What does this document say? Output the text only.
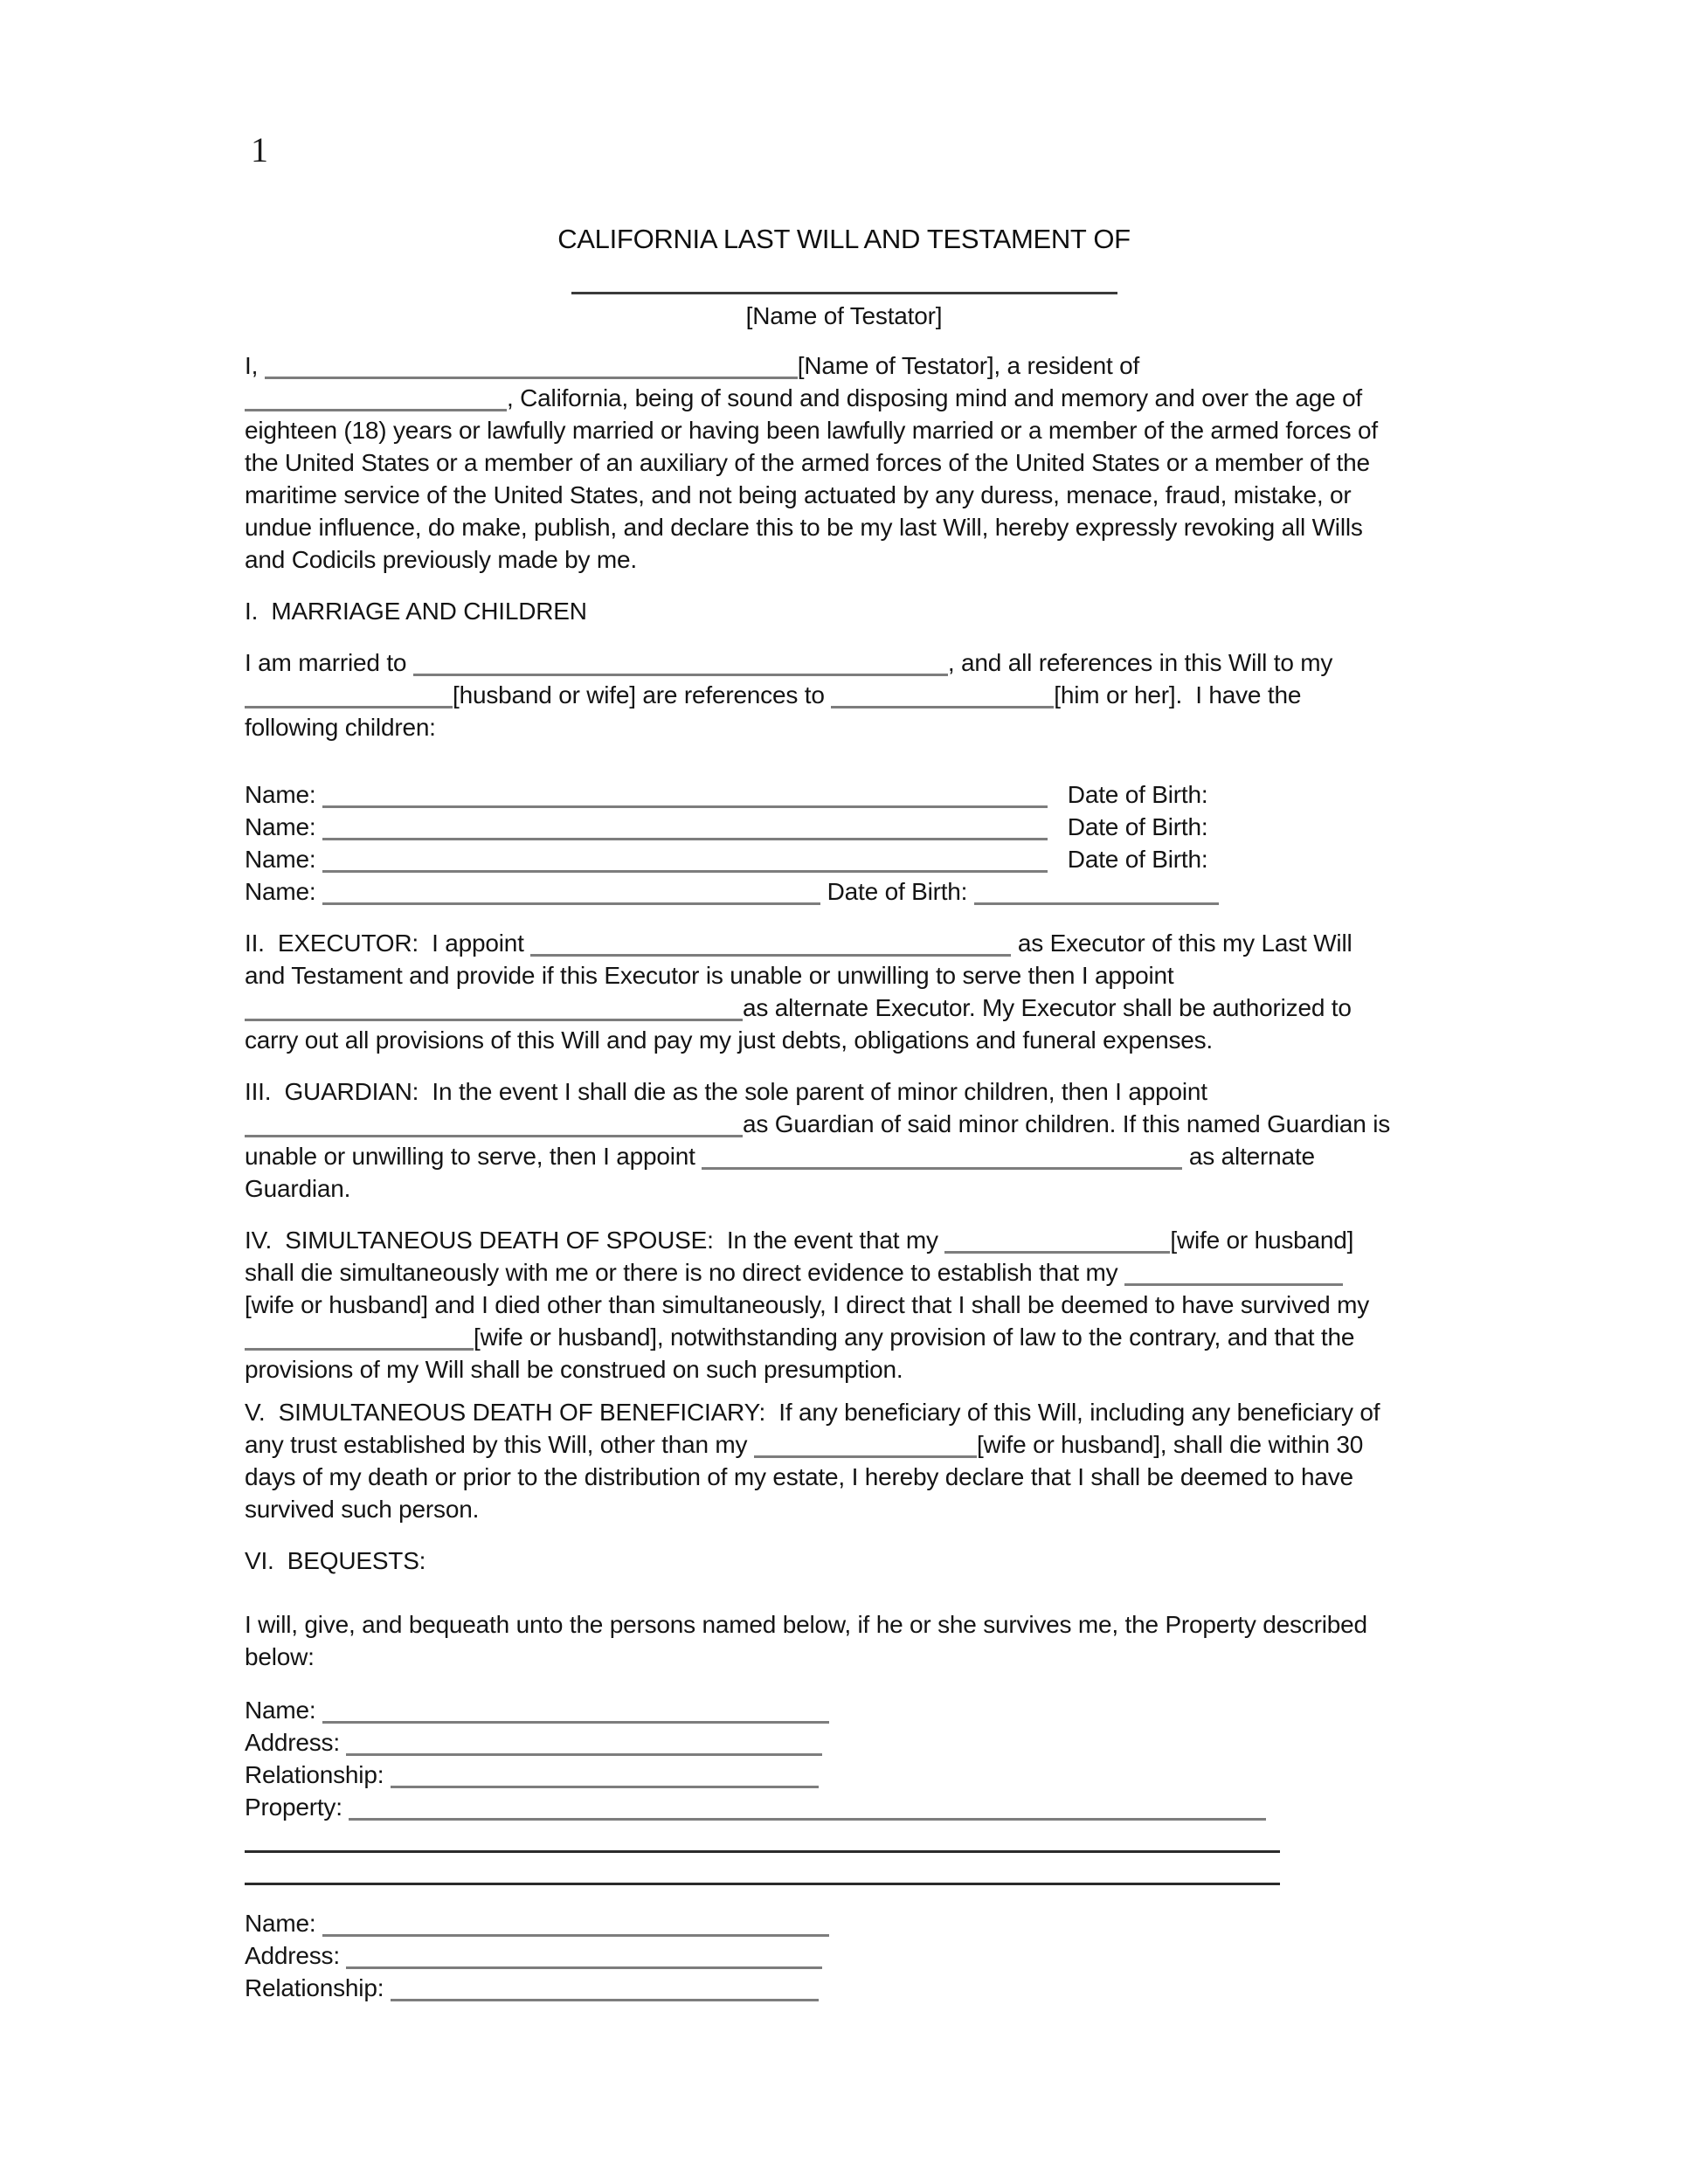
1
CALIFORNIA LAST WILL AND TESTAMENT OF
[Name of Testator]
I,	[Name of Testator], a resident of
, California, being of sound and disposing mind and memory and over the age of
eighteen (18) years or lawfully married or having been lawfully married or a member of the armed forces of
the United States or a member of an auxiliary of the armed forces of the United States or a member of the
maritime service of the United States, and not being actuated by any duress, menace, fraud, mistake, or
undue influence, do make, publish, and declare this to be my last Will, hereby expressly revoking all Wills
and Codicils previously made by me.
I.  MARRIAGE AND CHILDREN
I am married to	, and all references in this Will to my
[husband or wife] are references to	[him or her].  I have the
following children:
Name:	Date of Birth:
Name:	Date of Birth:
Name:	Date of Birth:
Name:	Date of Birth:
II.  EXECUTOR:  I appoint	as Executor of this my Last Will
and Testament and provide if this Executor is unable or unwilling to serve then I appoint
as alternate Executor. My Executor shall be authorized to
carry out all provisions of this Will and pay my just debts, obligations and funeral expenses.
III.  GUARDIAN:  In the event I shall die as the sole parent of minor children, then I appoint
as Guardian of said minor children. If this named Guardian is
unable or unwilling to serve, then I appoint	as alternate
Guardian.
IV.  SIMULTANEOUS DEATH OF SPOUSE:  In the event that my	[wife or husband]
shall die simultaneously with me or there is no direct evidence to establish that my
[wife or husband] and I died other than simultaneously, I direct that I shall be deemed to have survived my
[wife or husband], notwithstanding any provision of law to the contrary, and that the
provisions of my Will shall be construed on such presumption.
V.  SIMULTANEOUS DEATH OF BENEFICIARY:  If any beneficiary of this Will, including any beneficiary of
any trust established by this Will, other than my	[wife or husband], shall die within 30
days of my death or prior to the distribution of my estate, I hereby declare that I shall be deemed to have
survived such person.
VI.  BEQUESTS:
I will, give, and bequeath unto the persons named below, if he or she survives me, the Property described
below:
Name:
Address:
Relationship:
Property:
Name:
Address:
Relationship:
